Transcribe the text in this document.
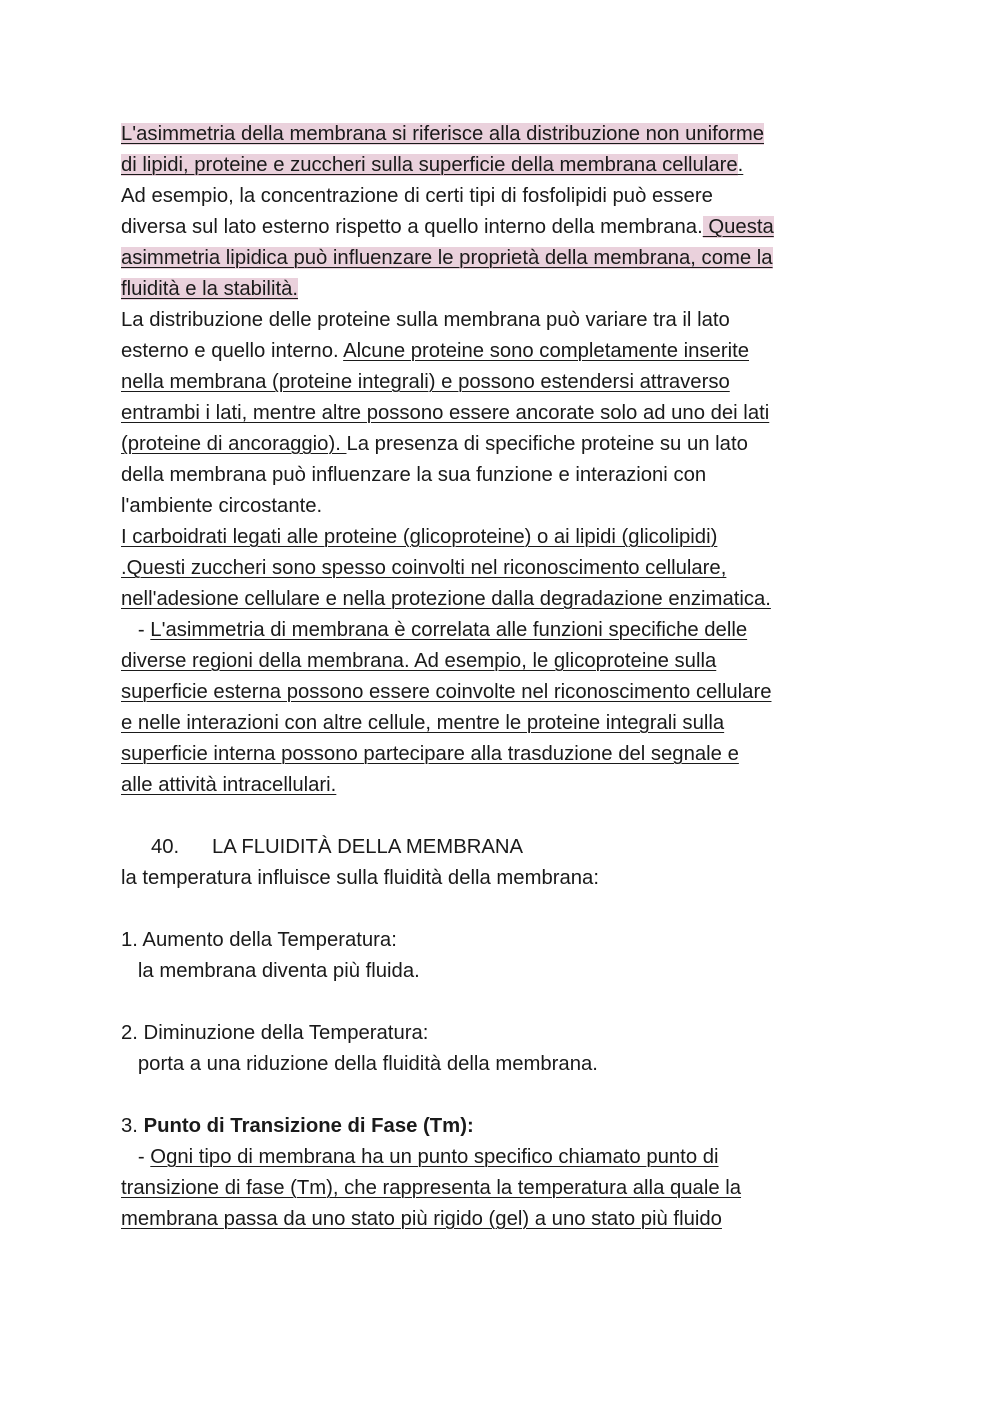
L'asimmetria della membrana si riferisce alla distribuzione non uniforme
di lipidi, proteine e zuccheri sulla superficie della membrana cellulare.
Ad esempio, la concentrazione di certi tipi di fosfolipidi può essere
diversa sul lato esterno rispetto a quello interno della membrana. Questa
asimmetria lipidica può influenzare le proprietà della membrana, come la
fluidità e la stabilità.
La distribuzione delle proteine sulla membrana può variare tra il lato
esterno e quello interno. Alcune proteine sono completamente inserite
nella membrana (proteine integrali) e possono estendersi attraverso
entrambi i lati, mentre altre possono essere ancorate solo ad uno dei lati
(proteine di ancoraggio). La presenza di specifiche proteine su un lato
della membrana può influenzare la sua funzione e interazioni con
l'ambiente circostante.
I carboidrati legati alle proteine (glicoproteine) o ai lipidi (glicolipidi)
.Questi zuccheri sono spesso coinvolti nel riconoscimento cellulare,
nell'adesione cellulare e nella protezione dalla degradazione enzimatica.
- L'asimmetria di membrana è correlata alle funzioni specifiche delle
diverse regioni della membrana. Ad esempio, le glicoproteine sulla
superficie esterna possono essere coinvolte nel riconoscimento cellulare
e nelle interazioni con altre cellule, mentre le proteine integrali sulla
superficie interna possono partecipare alla trasduzione del segnale e
alle attività intracellulari.
40. LA FLUIDITÀ DELLA MEMBRANA
la temperatura influisce sulla fluidità della membrana:
1. Aumento della Temperatura:
la membrana diventa più fluida.
2. Diminuzione della Temperatura:
porta a una riduzione della fluidità della membrana.
3. Punto di Transizione di Fase (Tm):
- Ogni tipo di membrana ha un punto specifico chiamato punto di
transizione di fase (Tm), che rappresenta la temperatura alla quale la
membrana passa da uno stato più rigido (gel) a uno stato più fluido
